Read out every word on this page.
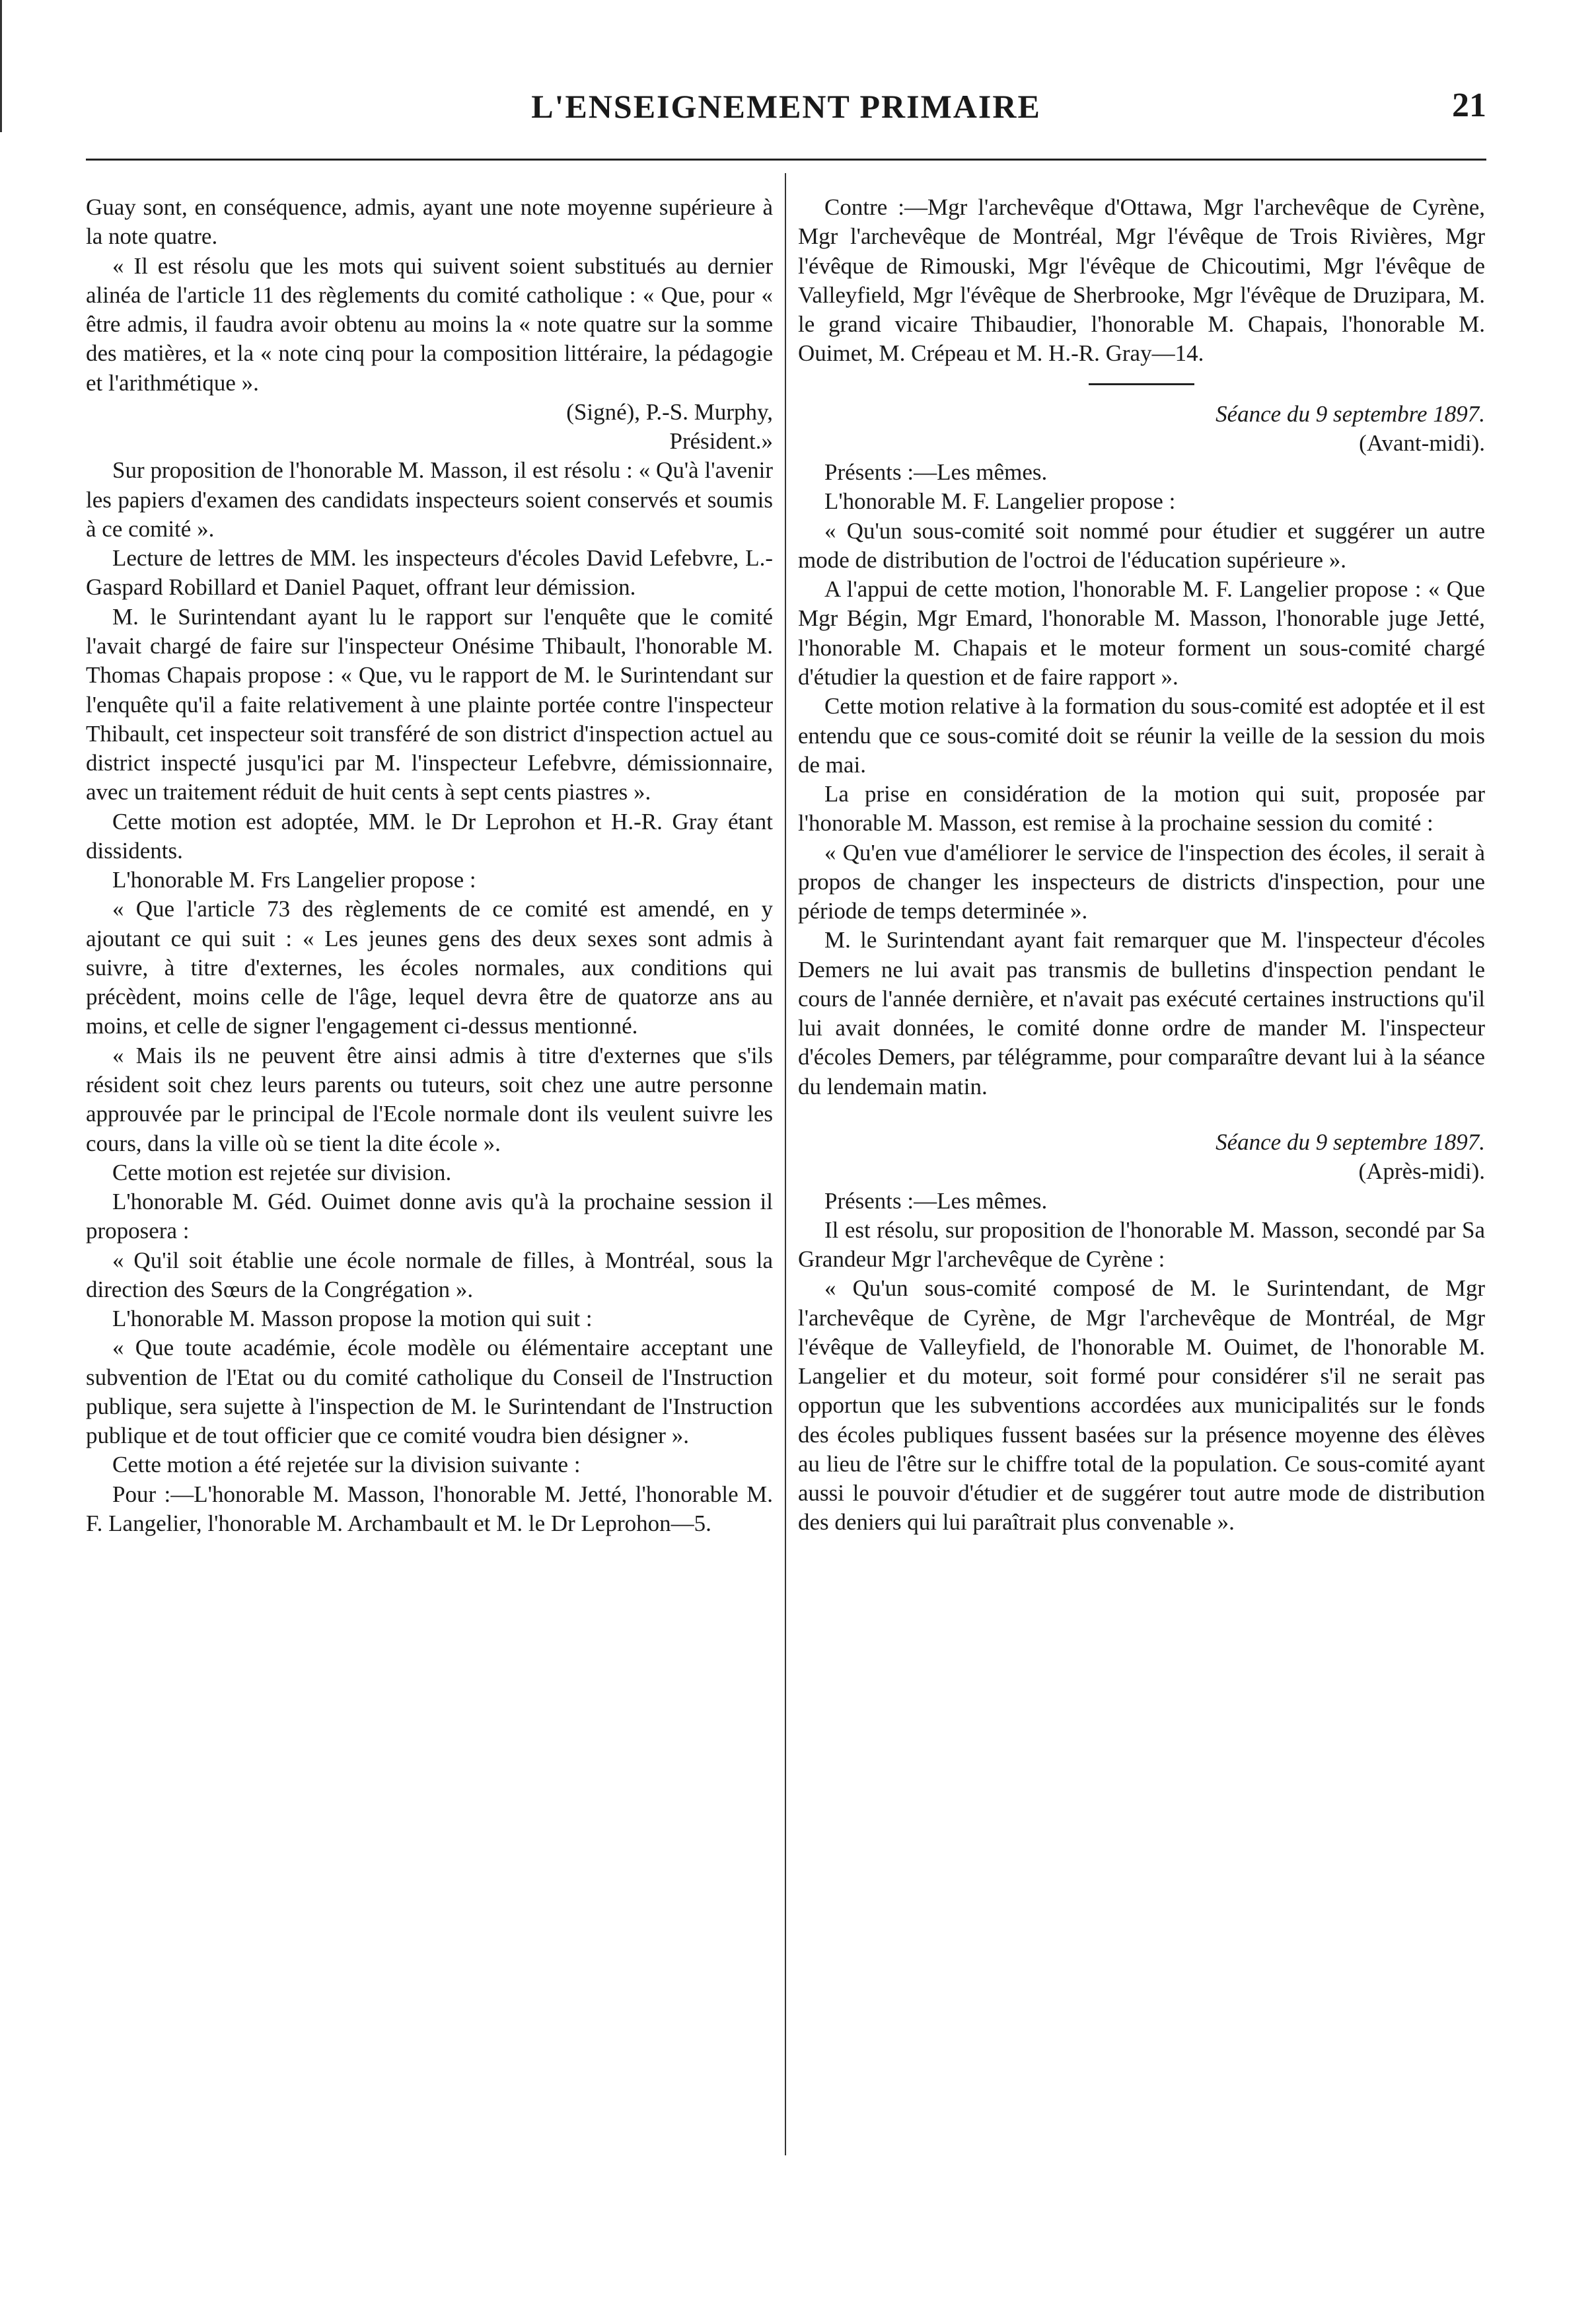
L'ENSEIGNEMENT PRIMAIRE	21

Guay sont, en conséquence, admis, ayant une note moyenne supérieure à la note quatre.

« Il est résolu que les mots qui suivent soient substitués au dernier alinéa de l'article 11 des règlements du comité catholique : « Que, pour « être admis, il faudra avoir obtenu au moins la « note quatre sur la somme des matières, et la « note cinq pour la composition littéraire, la pédagogie et l'arithmétique ».

(Signé), P.-S. Murphy,

Président.»

Sur proposition de l'honorable M. Masson, il est résolu : « Qu'à l'avenir les papiers d'examen des candidats inspecteurs soient conservés et soumis à ce comité ».

Lecture de lettres de MM. les inspecteurs d'écoles David Lefebvre, L.-Gaspard Robillard et Daniel Paquet, offrant leur démission.

M. le Surintendant ayant lu le rapport sur l'enquête que le comité l'avait chargé de faire sur l'inspecteur Onésime Thibault, l'honorable M. Thomas Chapais propose : « Que, vu le rapport de M. le Surintendant sur l'enquête qu'il a faite relativement à une plainte portée contre l'inspecteur Thibault, cet inspecteur soit transféré de son district d'inspection actuel au district inspecté jusqu'ici par M. l'inspecteur Lefebvre, démissionnaire, avec un traitement réduit de huit cents à sept cents piastres ».

Cette motion est adoptée, MM. le Dr Leprohon et H.-R. Gray étant dissidents.

L'honorable M. Frs Langelier propose :

« Que l'article 73 des règlements de ce comité est amendé, en y ajoutant ce qui suit : « Les jeunes gens des deux sexes sont admis à suivre, à titre d'externes, les écoles normales, aux conditions qui précèdent, moins celle de l'âge, lequel devra être de quatorze ans au moins, et celle de signer l'engagement ci-dessus mentionné.

« Mais ils ne peuvent être ainsi admis à titre d'externes que s'ils résident soit chez leurs parents ou tuteurs, soit chez une autre personne approuvée par le principal de l'Ecole normale dont ils veulent suivre les cours, dans la ville où se tient la dite école ».

Cette motion est rejetée sur division.

L'honorable M. Géd. Ouimet donne avis qu'à la prochaine session il proposera :

« Qu'il soit établie une école normale de filles, à Montréal, sous la direction des Sœurs de la Congrégation ».

L'honorable M. Masson propose la motion qui suit :

« Que toute académie, école modèle ou élémentaire acceptant une subvention de l'Etat ou du comité catholique du Conseil de l'Instruction publique, sera sujette à l'inspection de M. le Surintendant de l'Instruction publique et de tout officier que ce comité voudra bien désigner ».

Cette motion a été rejetée sur la division suivante :

Pour :—L'honorable M. Masson, l'honorable M. Jetté, l'honorable M. F. Langelier, l'honorable M. Archambault et M. le Dr Leprohon—5.

Contre :—Mgr l'archevêque d'Ottawa, Mgr l'archevêque de Cyrène, Mgr l'archevêque de Montréal, Mgr l'évêque de Trois Rivières, Mgr l'évêque de Rimouski, Mgr l'évêque de Chicoutimi, Mgr l'évêque de Valleyfield, Mgr l'évêque de Sherbrooke, Mgr l'évêque de Druzipara, M. le grand vicaire Thibaudier, l'honorable M. Chapais, l'honorable M. Ouimet, M. Crépeau et M. H.-R. Gray—14.

Séance du 9 septembre 1897.

(Avant-midi).

Présents :—Les mêmes.

L'honorable M. F. Langelier propose :

« Qu'un sous-comité soit nommé pour étudier et suggérer un autre mode de distribution de l'octroi de l'éducation supérieure ».

A l'appui de cette motion, l'honorable M. F. Langelier propose : « Que Mgr Bégin, Mgr Emard, l'honorable M. Masson, l'honorable juge Jetté, l'honorable M. Chapais et le moteur forment un sous-comité chargé d'étudier la question et de faire rapport ».

Cette motion relative à la formation du sous-comité est adoptée et il est entendu que ce sous-comité doit se réunir la veille de la session du mois de mai.

La prise en considération de la motion qui suit, proposée par l'honorable M. Masson, est remise à la prochaine session du comité :

« Qu'en vue d'améliorer le service de l'inspection des écoles, il serait à propos de changer les inspecteurs de districts d'inspection, pour une période de temps determinée ».

M. le Surintendant ayant fait remarquer que M. l'inspecteur d'écoles Demers ne lui avait pas transmis de bulletins d'inspection pendant le cours de l'année dernière, et n'avait pas exécuté certaines instructions qu'il lui avait données, le comité donne ordre de mander M. l'inspecteur d'écoles Demers, par télégramme, pour comparaître devant lui à la séance du lendemain matin.

Séance du 9 septembre 1897.

(Après-midi).

Présents :—Les mêmes.

Il est résolu, sur proposition de l'honorable M. Masson, secondé par Sa Grandeur Mgr l'archevêque de Cyrène :

« Qu'un sous-comité composé de M. le Surintendant, de Mgr l'archevêque de Cyrène, de Mgr l'archevêque de Montréal, de Mgr l'évêque de Valleyfield, de l'honorable M. Ouimet, de l'honorable M. Langelier et du moteur, soit formé pour considérer s'il ne serait pas opportun que les subventions accordées aux municipalités sur le fonds des écoles publiques fussent basées sur la présence moyenne des élèves au lieu de l'être sur le chiffre total de la population. Ce sous-comité ayant aussi le pouvoir d'étudier et de suggérer tout autre mode de distribution des deniers qui lui paraîtrait plus convenable ».
